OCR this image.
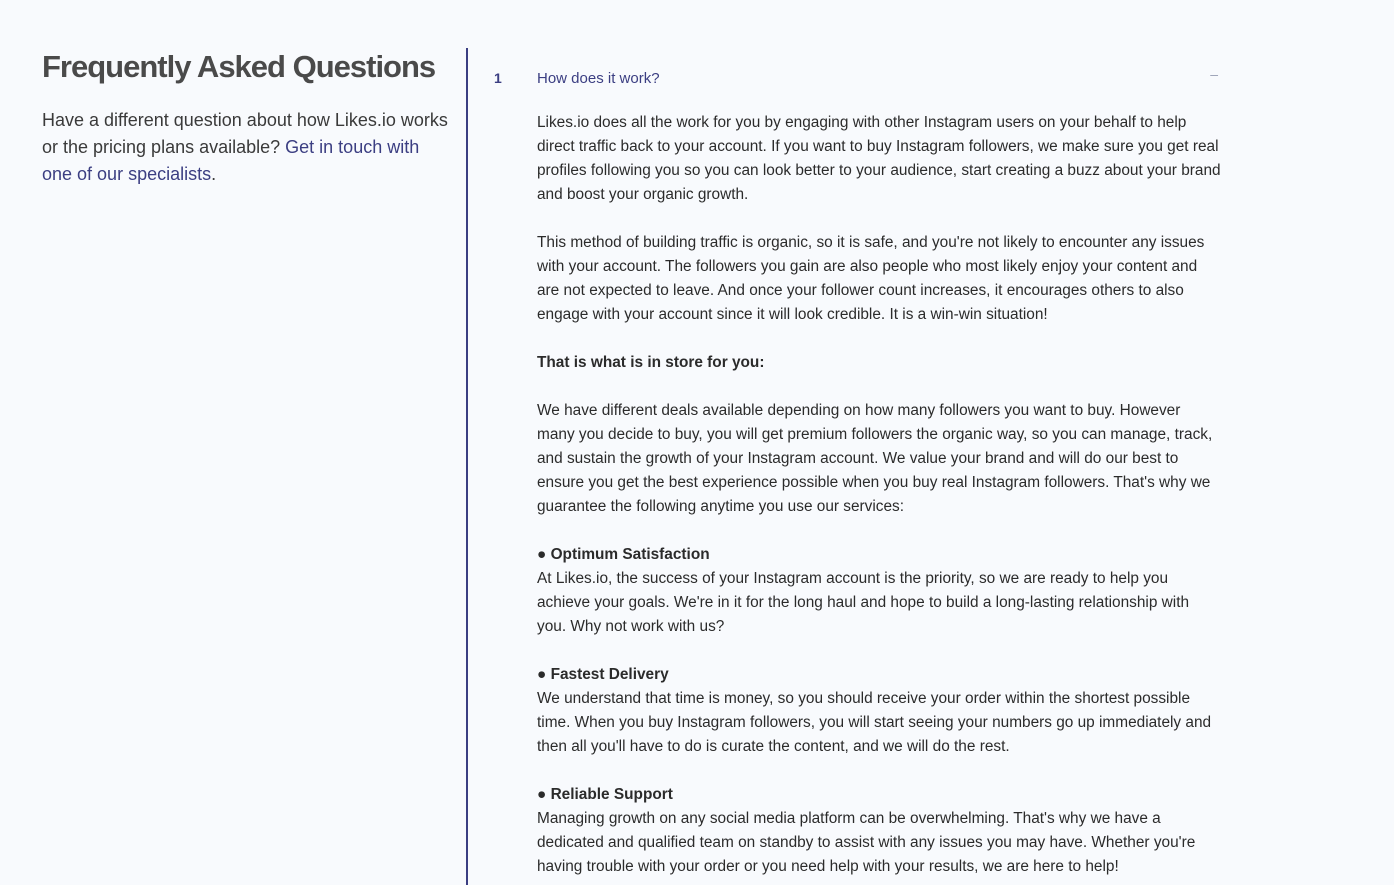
Frequently Asked Questions

Have a different question about how Likes.io works or the pricing plans available? Get in touch with one of our specialists.

1 How does it work?	–

Likes.io does all the work for you by engaging with other Instagram users on your behalf to help direct traffic back to your account. If you want to buy Instagram followers, we make sure you get real profiles following you so you can look better to your audience, start creating a buzz about your brand and boost your organic growth.

This method of building traffic is organic, so it is safe, and you're not likely to encounter any issues with your account. The followers you gain are also people who most likely enjoy your content and are not expected to leave. And once your follower count increases, it encourages others to also engage with your account since it will look credible. It is a win-win situation!

That is what is in store for you:

We have different deals available depending on how many followers you want to buy. However many you decide to buy, you will get premium followers the organic way, so you can manage, track, and sustain the growth of your Instagram account. We value your brand and will do our best to ensure you get the best experience possible when you buy real Instagram followers. That's why we guarantee the following anytime you use our services:

● Optimum Satisfaction
At Likes.io, the success of your Instagram account is the priority, so we are ready to help you achieve your goals. We're in it for the long haul and hope to build a long-lasting relationship with you. Why not work with us?
● Fastest Delivery
We understand that time is money, so you should receive your order within the shortest possible time. When you buy Instagram followers, you will start seeing your numbers go up immediately and then all you'll have to do is curate the content, and we will do the rest.
● Reliable Support
Managing growth on any social media platform can be overwhelming. That's why we have a dedicated and qualified team on standby to assist with any issues you may have. Whether you're having trouble with your order or you need help with your results, we are here to help!
